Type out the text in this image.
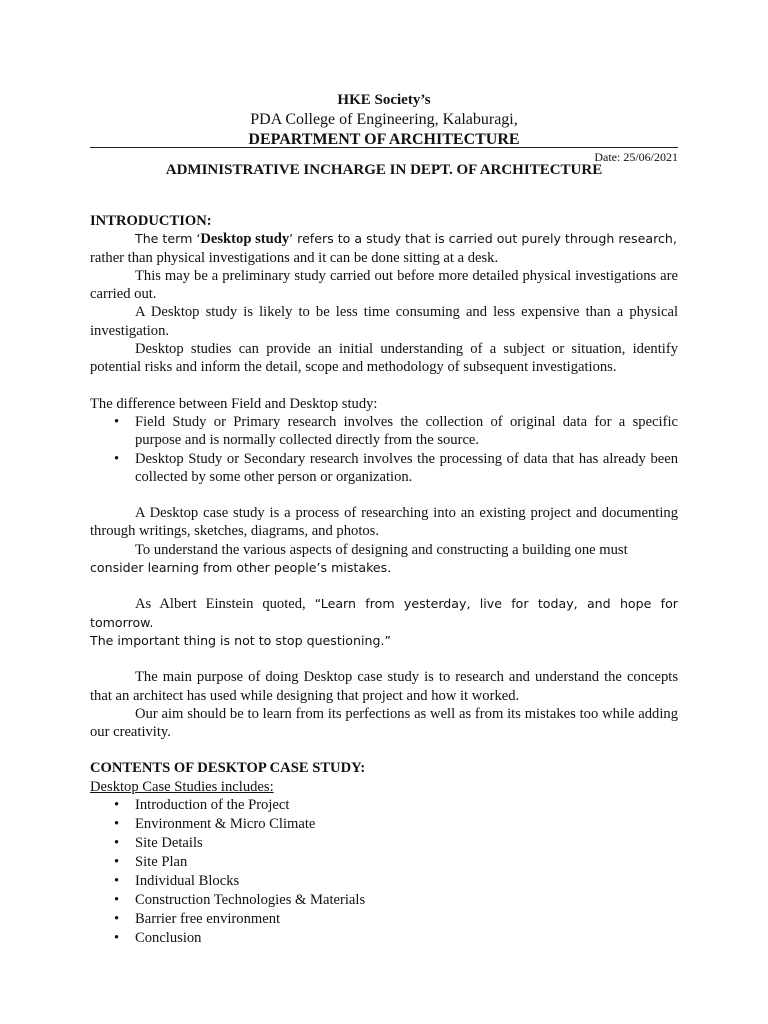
HKE Society’s
PDA College of Engineering, Kalaburagi,
DEPARTMENT OF ARCHITECTURE
Date: 25/06/2021
ADMINISTRATIVE INCHARGE IN DEPT. OF ARCHITECTURE

INTRODUCTION:

The term ‘Desktop study’ refers to a study that is carried out purely through research,
rather than physical investigations and it can be done sitting at a desk.

This may be a preliminary study carried out before more detailed physical investigations are carried out.

A Desktop study is likely to be less time consuming and less expensive than a physical investigation.

Desktop studies can provide an initial understanding of a subject or situation, identify potential risks and inform the detail, scope and methodology of subsequent investigations.

The difference between Field and Desktop study:

• Field Study or Primary research involves the collection of original data for a specific purpose and is normally collected directly from the source.
• Desktop Study or Secondary research involves the processing of data that has already been collected by some other person or organization.

A Desktop case study is a process of researching into an existing project and documenting through writings, sketches, diagrams, and photos.

To understand the various aspects of designing and constructing a building one must
consider learning from other people’s mistakes.

As Albert Einstein quoted, “Learn from yesterday, live for today, and hope for tomorrow.
The important thing is not to stop questioning.”

The main purpose of doing Desktop case study is to research and understand the concepts that an architect has used while designing that project and how it worked.

Our aim should be to learn from its perfections as well as from its mistakes too while adding our creativity.

CONTENTS OF DESKTOP CASE STUDY:

Desktop Case Studies includes:

• Introduction of the Project
• Environment & Micro Climate
• Site Details
• Site Plan
• Individual Blocks
• Construction Technologies & Materials
• Barrier free environment
• Conclusion
